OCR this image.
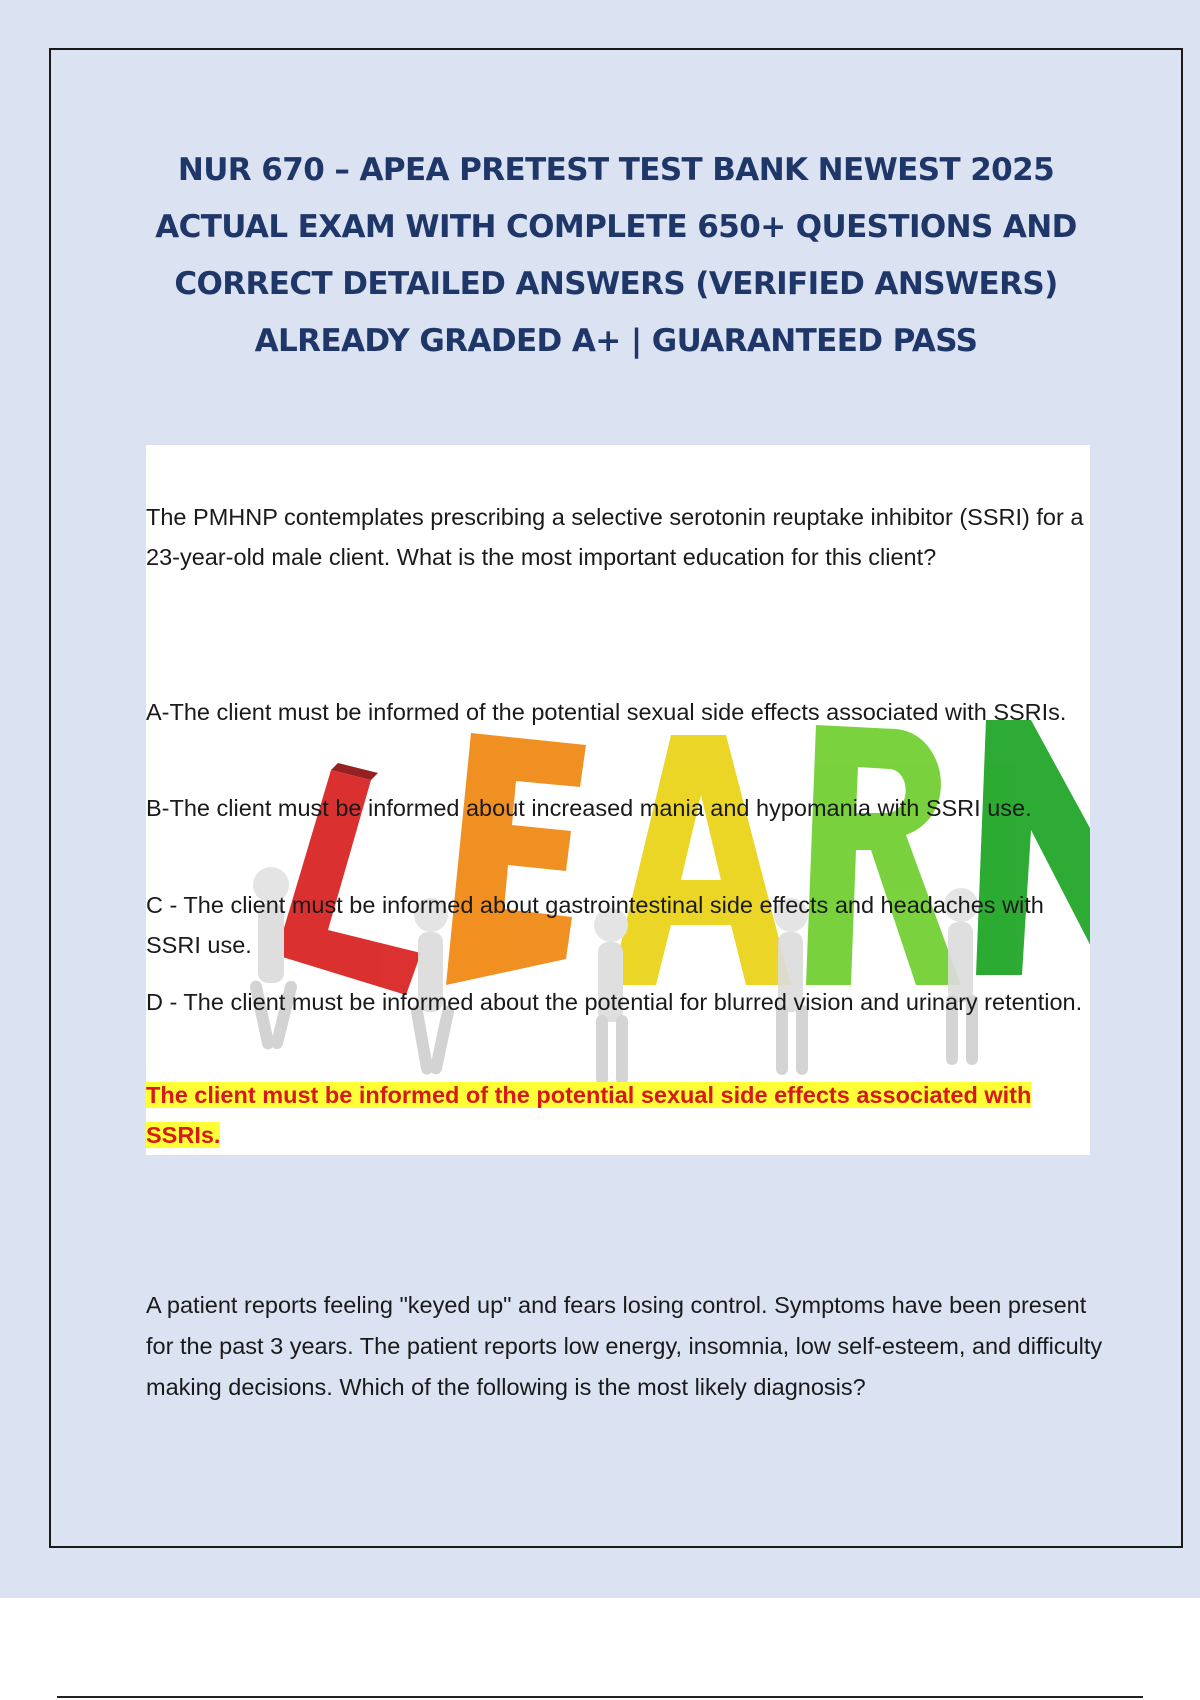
NUR 670 – APEA PRETEST TEST BANK NEWEST 2025 ACTUAL EXAM WITH COMPLETE 650+ QUESTIONS AND CORRECT DETAILED ANSWERS (VERIFIED ANSWERS) ALREADY GRADED A+ | GUARANTEED PASS
The PMHNP contemplates prescribing a selective serotonin reuptake inhibitor (SSRI) for a 23-year-old male client. What is the most important education for this client?
A-The client must be informed of the potential sexual side effects associated with SSRIs.
B-The client must be informed about increased mania and hypomania with SSRI use.
C - The client must be informed about gastrointestinal side effects and headaches with SSRI use.
D - The client must be informed about the potential for blurred vision and urinary retention.
The client must be informed of the potential sexual side effects associated with SSRIs.
A patient reports feeling "keyed up" and fears losing control. Symptoms have been present for the past 3 years. The patient reports low energy, insomnia, low self-esteem, and difficulty making decisions. Which of the following is the most likely diagnosis?
